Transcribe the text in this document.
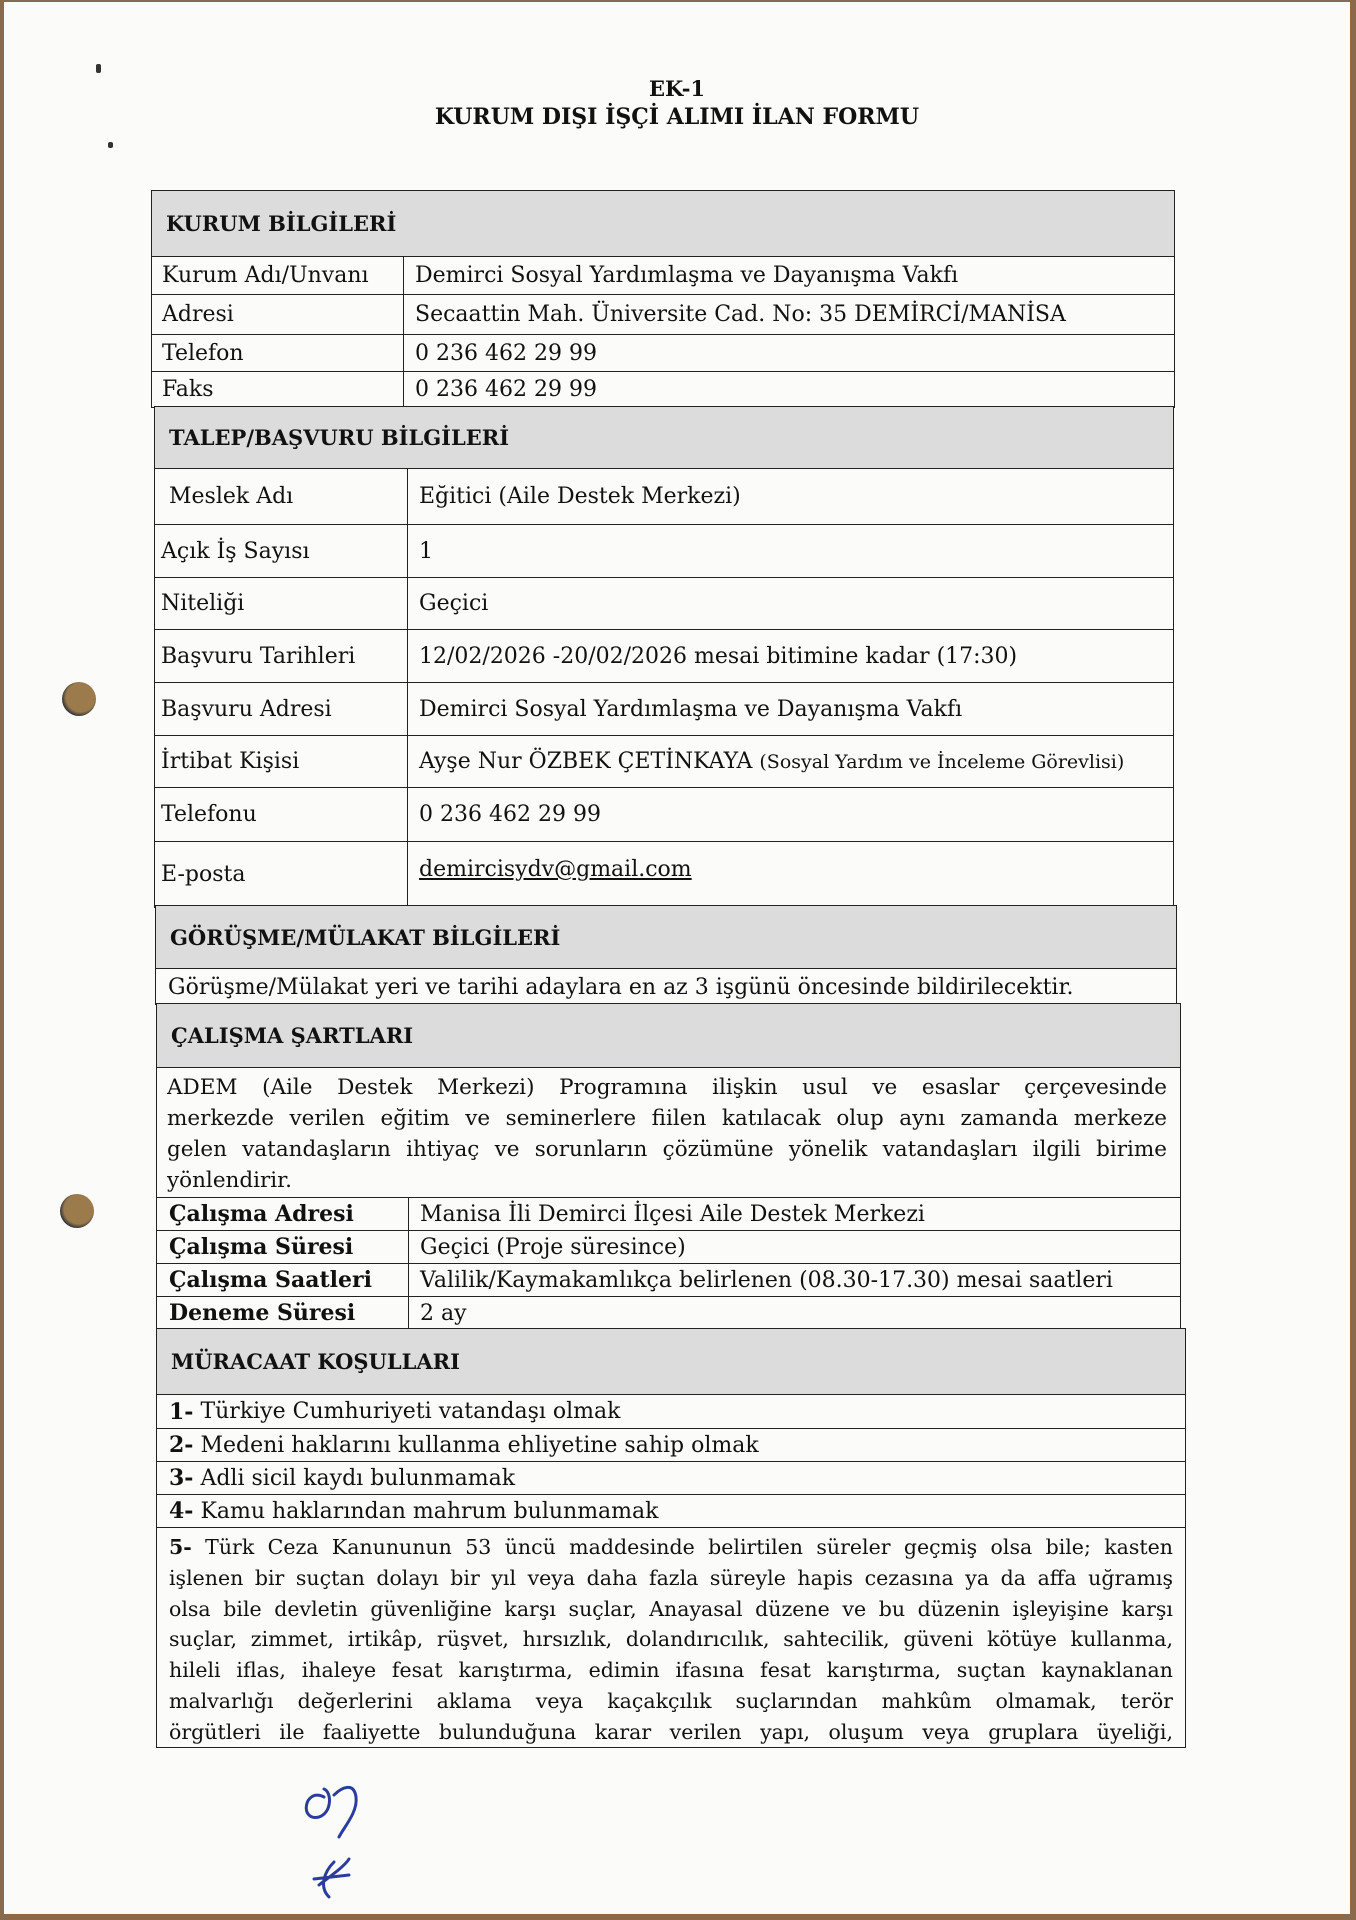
EK-1
KURUM DIŞI İŞÇİ ALIMI İLAN FORMU
KURUM BİLGİLERİ
Kurum Adı/Unvanı Demirci Sosyal Yardımlaşma ve Dayanışma Vakfı
Adresi	Secaattin Mah. Üniversite Cad. No: 35 DEMİRCİ/MANİSA
Telefon	0 236 462 29 99
Faks	0 236 462 29 99
TALEP/BAŞVURU BİLGİLERİ
Meslek Adı	Eğitici (Aile Destek Merkezi)
Açık İş Sayısı	1
Niteliği	Geçici
Başvuru Tarihleri	12/02/2026 -20/02/2026 mesai bitimine kadar (17:30)
Başvuru Adresi	Demirci Sosyal Yardımlaşma ve Dayanışma Vakfı
İrtibat Kişisi	Ayşe Nur ÖZBEK ÇETİNKAYA
(Sosyal Yardım ve İnceleme Görevlisi)
Telefonu	0 236 462 29 99
E-posta	demircisydv@gmail.com
GÖRÜŞME/MÜLAKAT BİLGİLERİ
Görüşme/Mülakat yeri ve tarihi adaylara en az 3 işgünü öncesinde bildirilecektir.
ÇALIŞMA ŞARTLARI
ADEM (Aile Destek Merkezi) Programına ilişkin usul ve esaslar çerçevesinde
merkezde verilen eğitim ve seminerlere fiilen katılacak olup aynı zamanda merkeze
gelen vatandaşların ihtiyaç ve sorunların çözümüne yönelik vatandaşları ilgili birime
yönlendirir.
Çalışma Adresi	Manisa İli Demirci İlçesi Aile Destek Merkezi
Çalışma Süresi	Geçici (Proje süresince)
Çalışma Saatleri Valilik/Kaymakamlıkça belirlenen (08.30-17.30) mesai saatleri
Deneme Süresi	2 ay
MÜRACAAT KOŞULLARI
1-
Türkiye Cumhuriyeti vatandaşı olmak
2-
Medeni haklarını kullanma ehliyetine sahip olmak
3-
Adli sicil kaydı bulunmamak
4-
Kamu haklarından mahrum bulunmamak
5- Türk Ceza Kanununun 53 üncü maddesinde belirtilen süreler geçmiş olsa bile; kasten
işlenen bir suçtan dolayı bir yıl veya daha fazla süreyle hapis cezasına ya da affa uğramış
olsa bile devletin güvenliğine karşı suçlar, Anayasal düzene ve bu düzenin işleyişine karşı
suçlar, zimmet, irtikâp, rüşvet, hırsızlık, dolandırıcılık, sahtecilik, güveni kötüye kullanma,
hileli iflas, ihaleye fesat karıştırma, edimin ifasına fesat karıştırma, suçtan kaynaklanan
malvarlığı değerlerini aklama veya kaçakçılık suçlarından mahkûm olmamak, terör
örgütleri ile faaliyette bulunduğuna karar verilen yapı, oluşum veya gruplara üyeliği,
